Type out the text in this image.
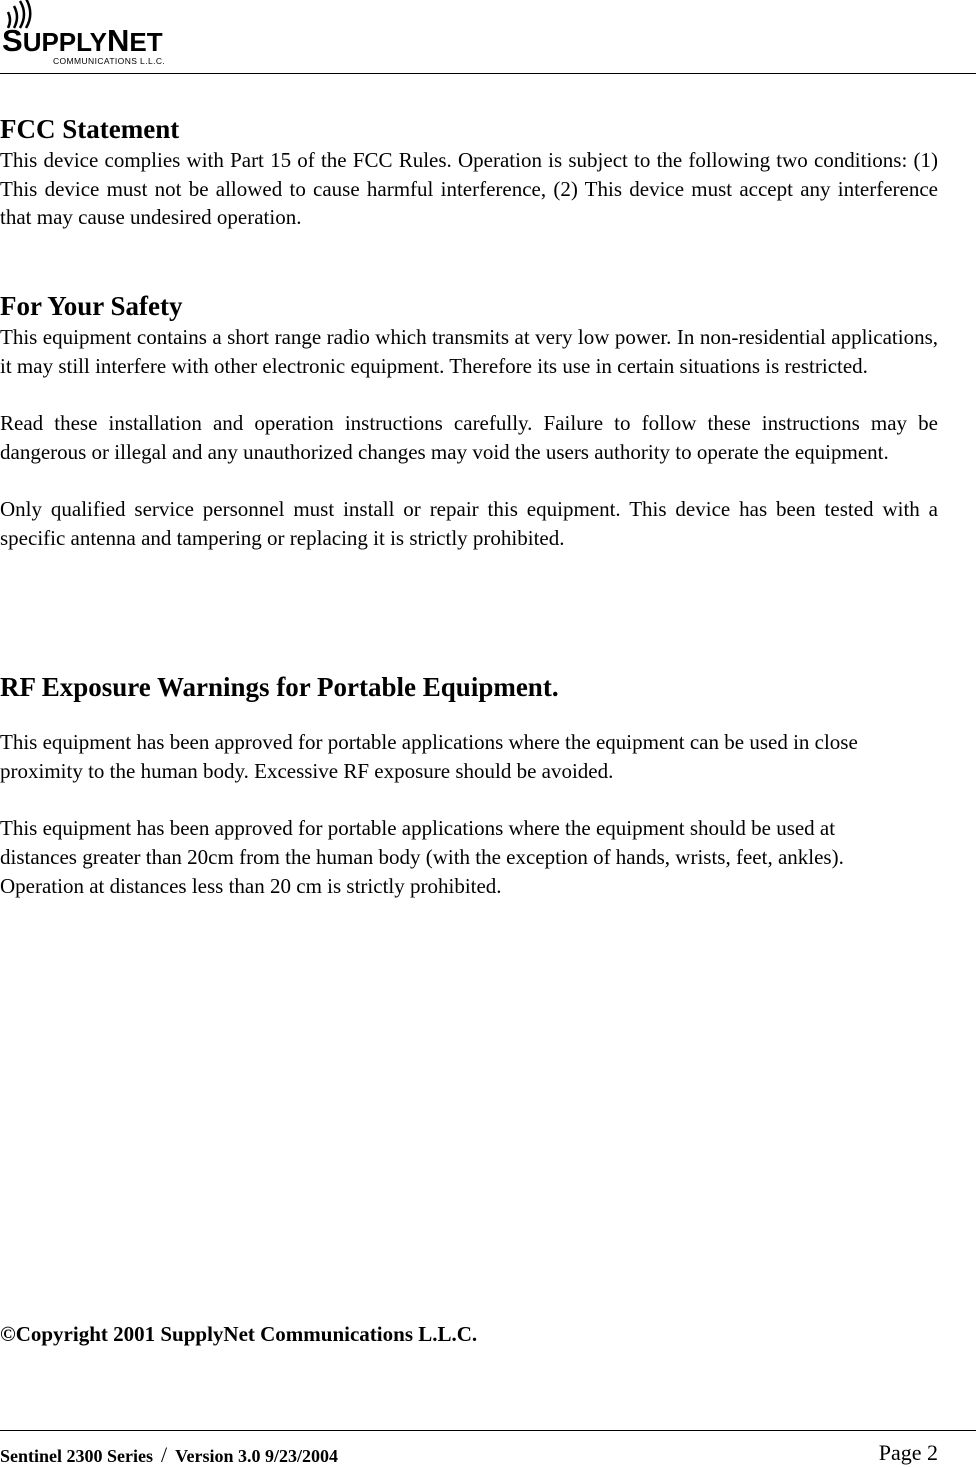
SUPPLYNET
COMMUNICATIONS L.L.C.
FCC Statement

This device complies with Part 15 of the FCC Rules. Operation is subject to the following two conditions: (1) This device must not be allowed to cause harmful interference, (2) This device must accept any interference that may cause undesired operation.

For Your Safety

This equipment contains a short range radio which transmits at very low power. In non-residential applications, it may still interfere with other electronic equipment. Therefore its use in certain situations is restricted.

Read these installation and operation instructions carefully. Failure to follow these instructions may be dangerous or illegal and any unauthorized changes may void the users authority to operate the equipment.

Only qualified service personnel must install or repair this equipment. This device has been tested with a specific antenna and tampering or replacing it is strictly prohibited.

RF Exposure Warnings for Portable Equipment.

This equipment has been approved for portable applications where the equipment can be used in close proximity to the human body. Excessive RF exposure should be avoided.

This equipment has been approved for portable applications where the equipment should be used at distances greater than 20cm from the human body (with the exception of hands, wrists, feet, ankles). Operation at distances less than 20 cm is strictly prohibited.

©Copyright 2001 SupplyNet Communications L.L.C.
Sentinel 2300 Series / Version 3.0 9/23/2004	Page 2
